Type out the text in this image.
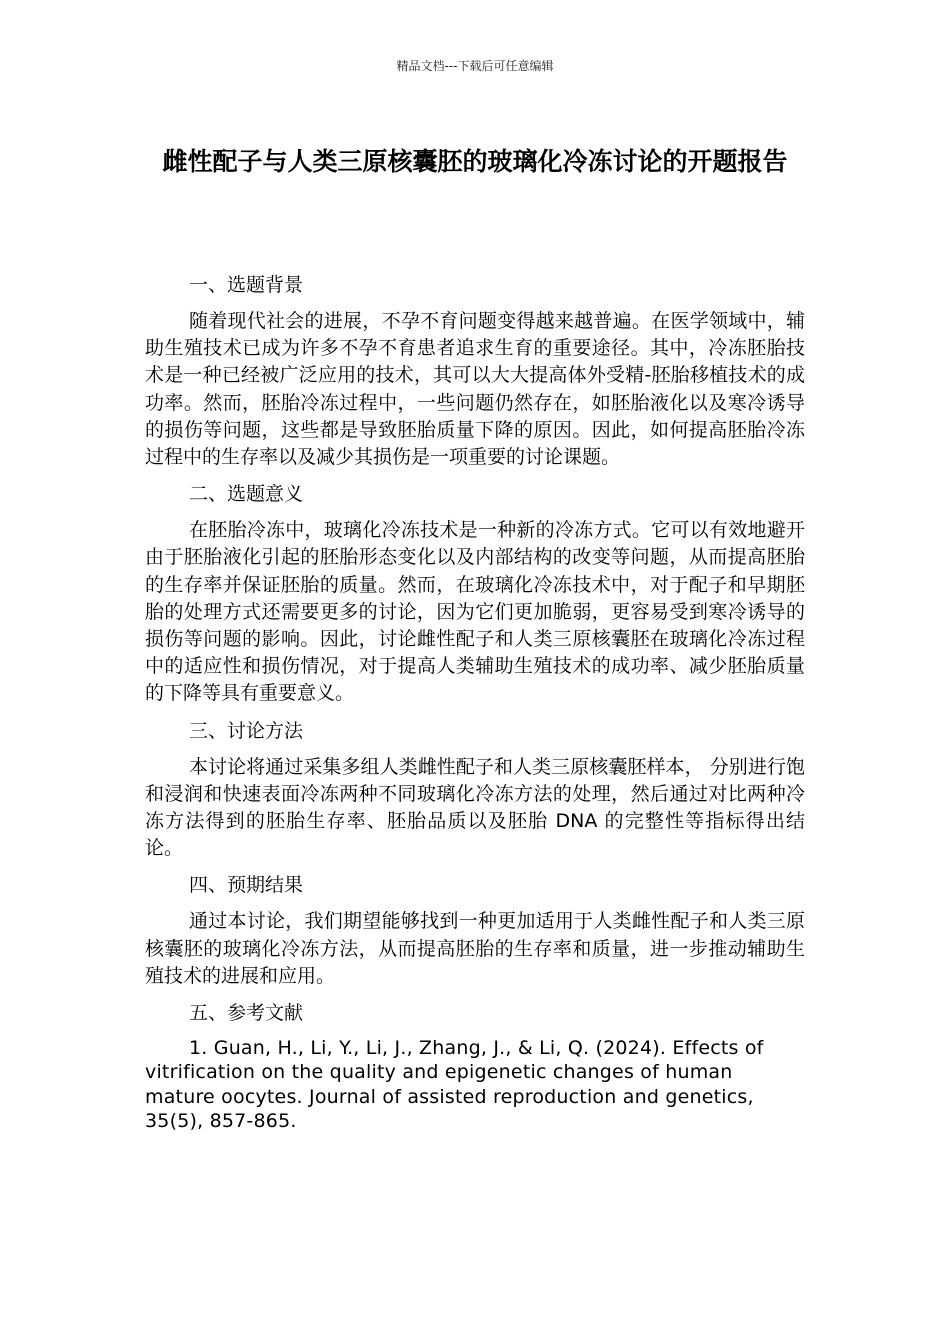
精品文档---下载后可任意编辑
雌性配子与人类三原核囊胚的玻璃化冷冻讨论的开题报告
一、选题背景

随着现代社会的进展，不孕不育问题变得越来越普遍。在医学领域中，辅助生殖技术已成为许多不孕不育患者追求生育的重要途径。其中，冷冻胚胎技术是一种已经被广泛应用的技术，其可以大大提高体外受精-胚胎移植技术的成功率。然而，胚胎冷冻过程中，一些问题仍然存在，如胚胎液化以及寒冷诱导的损伤等问题，这些都是导致胚胎质量下降的原因。因此，如何提高胚胎冷冻过程中的生存率以及减少其损伤是一项重要的讨论课题。

二、选题意义

在胚胎冷冻中，玻璃化冷冻技术是一种新的冷冻方式。它可以有效地避开由于胚胎液化引起的胚胎形态变化以及内部结构的改变等问题，从而提高胚胎的生存率并保证胚胎的质量。然而，在玻璃化冷冻技术中，对于配子和早期胚胎的处理方式还需要更多的讨论，因为它们更加脆弱，更容易受到寒冷诱导的损伤等问题的影响。因此，讨论雌性配子和人类三原核囊胚在玻璃化冷冻过程中的适应性和损伤情况，对于提高人类辅助生殖技术的成功率、减少胚胎质量的下降等具有重要意义。

三、讨论方法

本讨论将通过采集多组人类雌性配子和人类三原核囊胚样本， 分别进行饱和浸润和快速表面冷冻两种不同玻璃化冷冻方法的处理，然后通过对比两种冷冻方法得到的胚胎生存率、胚胎品质以及胚胎 DNA 的完整性等指标得出结论。

四、预期结果

通过本讨论，我们期望能够找到一种更加适用于人类雌性配子和人类三原核囊胚的玻璃化冷冻方法，从而提高胚胎的生存率和质量，进一步推动辅助生殖技术的进展和应用。

五、参考文献

1. Guan, H., Li, Y., Li, J., Zhang, J., & Li, Q. (2024). Effects of vitrification on the quality and epigenetic changes of human mature oocytes. Journal of assisted reproduction and genetics, 35(5), 857-865.
